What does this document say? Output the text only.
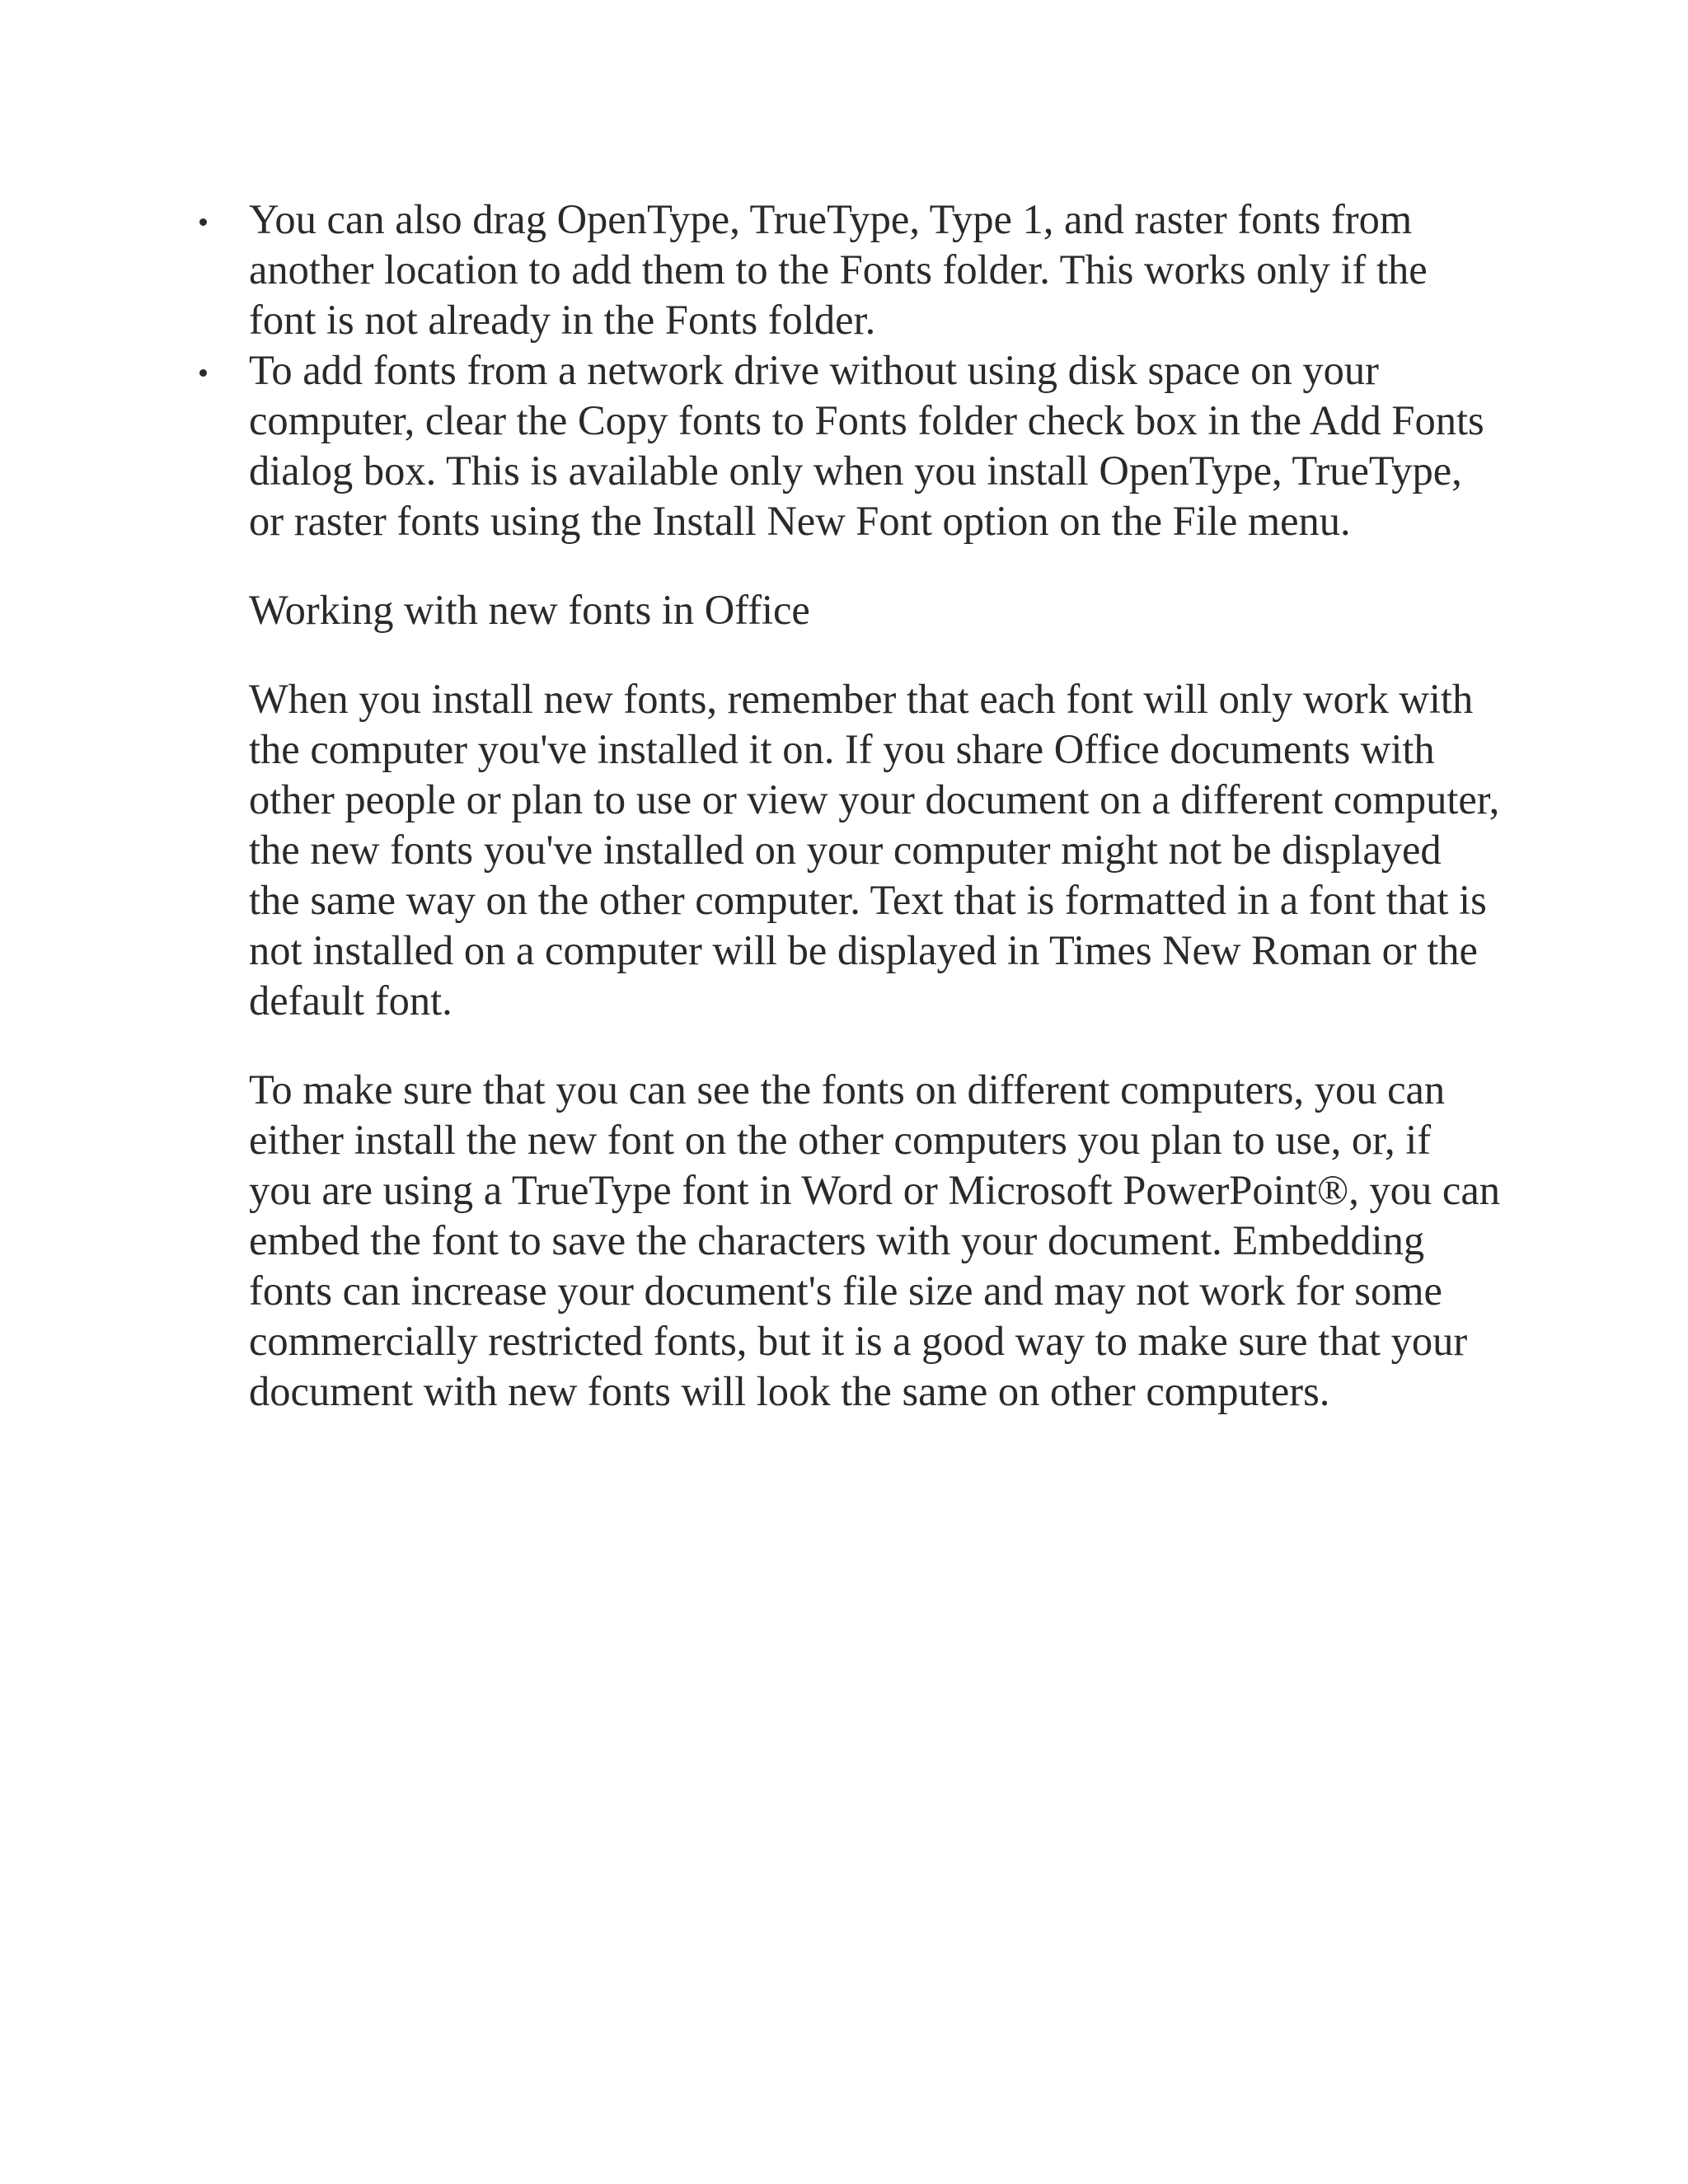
You can also drag OpenType, TrueType, Type 1, and raster fonts from another location to add them to the Fonts folder. This works only if the font is not already in the Fonts folder.
To add fonts from a network drive without using disk space on your computer, clear the Copy fonts to Fonts folder check box in the Add Fonts dialog box. This is available only when you install OpenType, TrueType, or raster fonts using the Install New Font option on the File menu.
Working with new fonts in Office

When you install new fonts, remember that each font will only work with the computer you've installed it on. If you share Office documents with other people or plan to use or view your document on a different computer, the new fonts you've installed on your computer might not be displayed the same way on the other computer. Text that is formatted in a font that is not installed on a computer will be displayed in Times New Roman or the default font.

To make sure that you can see the fonts on different computers, you can either install the new font on the other computers you plan to use, or, if you are using a TrueType font in Word or Microsoft PowerPoint®, you can embed the font to save the characters with your document. Embedding fonts can increase your document's file size and may not work for some commercially restricted fonts, but it is a good way to make sure that your document with new fonts will look the same on other computers.
